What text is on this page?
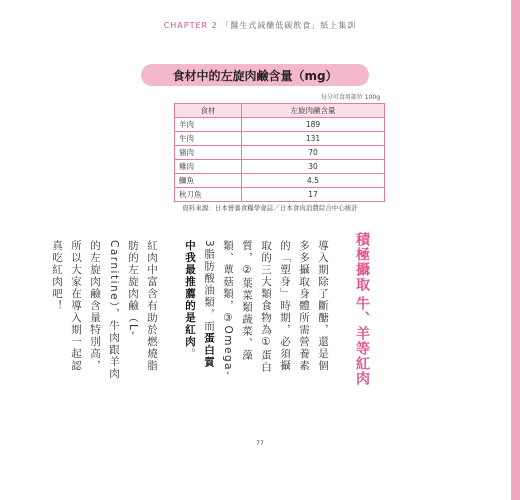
CHAPTER 2 「醫生式減醣低碳飲食」紙上集訓
食材中的左旋肉鹼含量（mg）
每分可食用部位 100g
食材	左旋肉鹼含量
羊肉	189
牛肉	131
豬肉	70
雞肉	30
鰤魚	4.5
秋刀魚	17
資料來源：日本營養食糧學會誌／日本食肉消費綜合中心統計
積極攝取
牛、羊等紅肉

導入期除了斷醣，還是個多多攝取身體所需營養素的「塑身」時期，必須攝取的三大類食物為①蛋白質，②葉菜類蔬菜、藻類、蕈菇類，③Omega-3脂肪酸油類，而蛋白質中我最推薦的是紅肉。

紅肉中富含有助於燃燒脂肪的左旋肉鹼（L-Carnitine），牛肉跟羊肉的左旋肉鹼含量特別高，所以大家在導入期一起認真吃紅肉吧！

77
